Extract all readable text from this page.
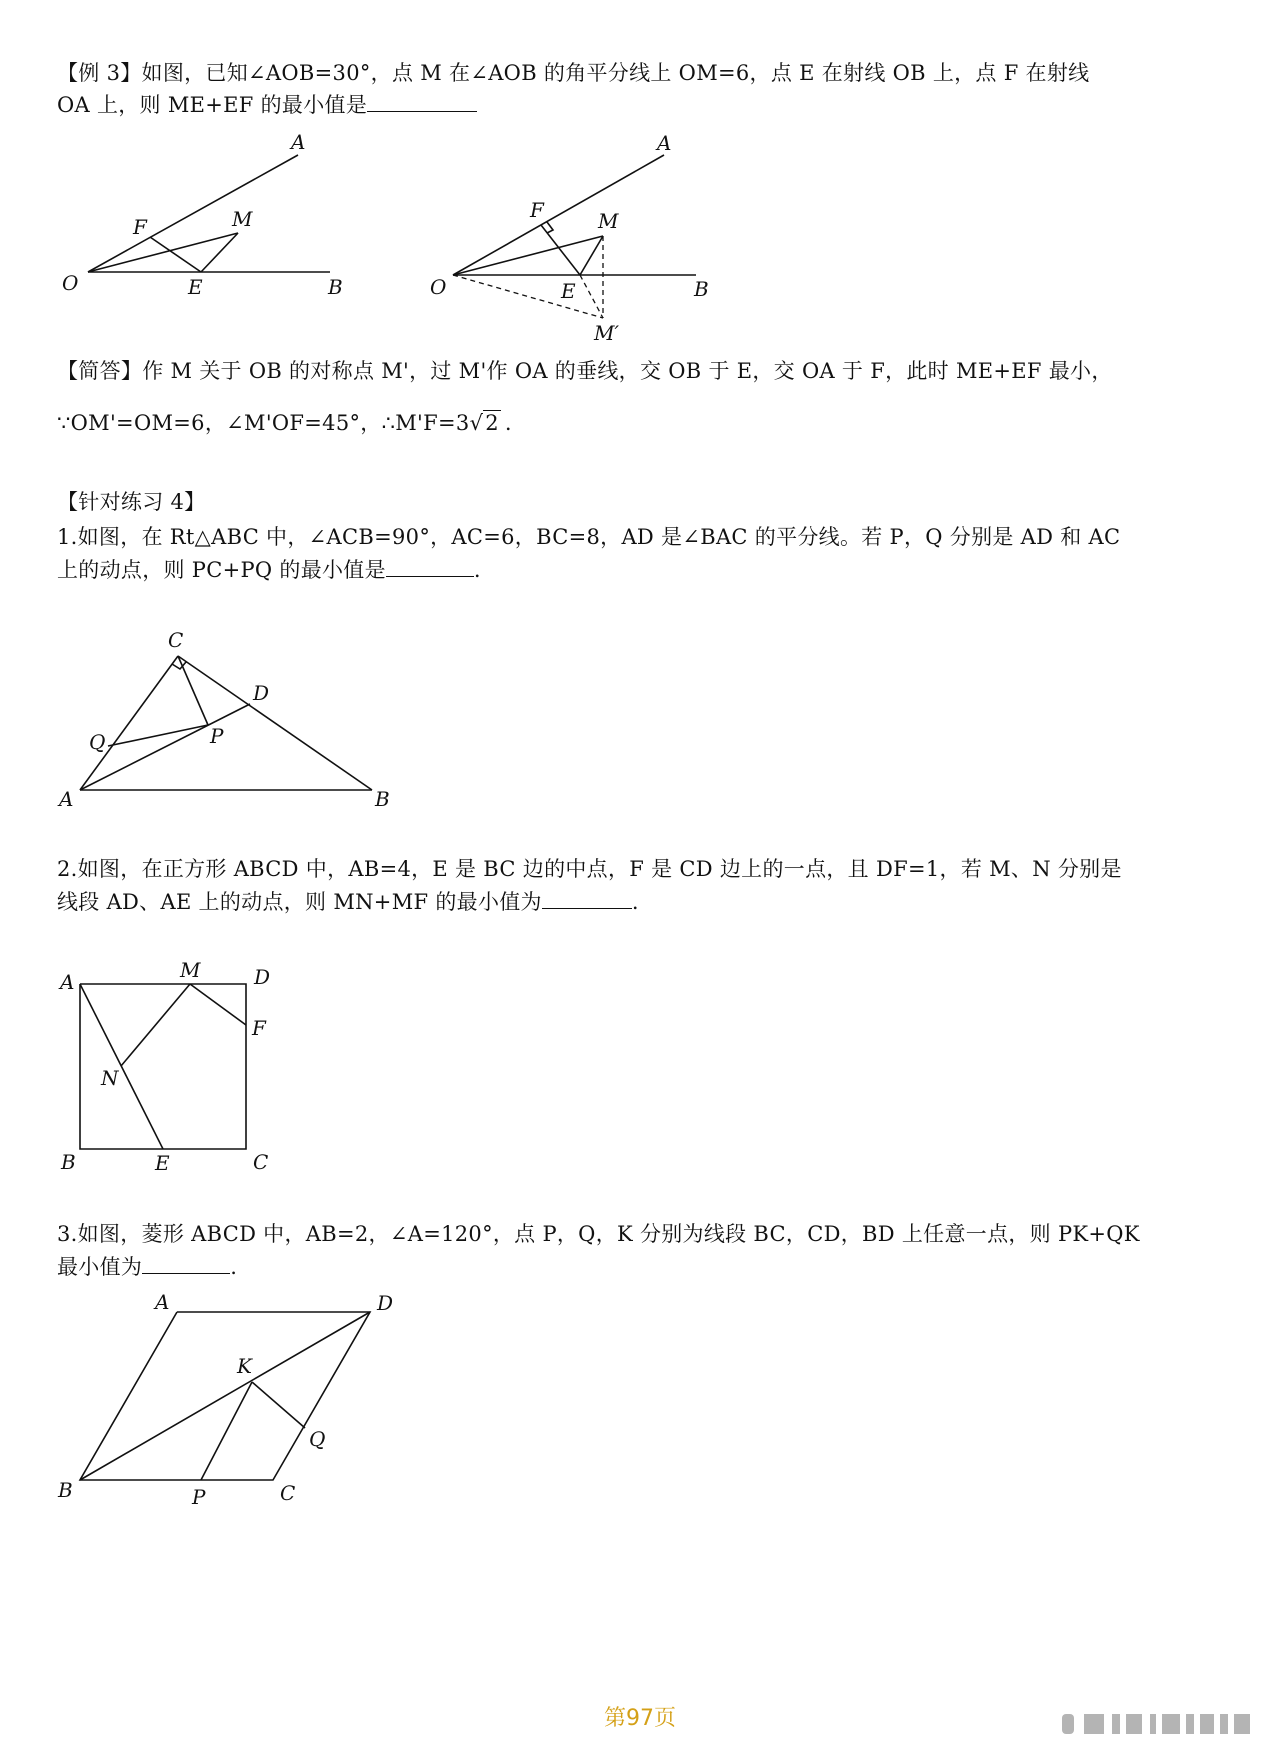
【例 3】如图，已知∠AOB=30°，点 M 在∠AOB 的角平分线上 OM=6，点 E 在射线 OB 上，点 F 在射线
OA 上，则 ME+EF 的最小值是
A
F	M
O	E	B
A
F	M
O	E	B
M′
【简答】作 M 关于 OB 的对称点 M'，过 M'作 OA 的垂线，交 OB 于 E，交 OA 于 F，此时 ME+EF 最小，
∵OM'=OM=6，∠M'OF=45°，∴M'F=3√2 .
【针对练习 4】
1.如图，在 Rt△ABC 中，∠ACB=90°，AC=6，BC=8，AD 是∠BAC 的平分线。若 P，Q 分别是 AD 和 AC
上的动点，则 PC+PQ 的最小值是	.
C
D
Q	P
A	B
2.如图，在正方形 ABCD 中，AB=4，E 是 BC 边的中点，F 是 CD 边上的一点，且 DF=1，若 M、N 分别是
线段 AD、AE 上的动点，则 MN+MF 的最小值为	.
A	M	D
F
N
B	E	C
3.如图，菱形 ABCD 中，AB=2，∠A=120°，点 P，Q，K 分别为线段 BC，CD，BD 上任意一点，则 PK+QK
最小值为	.
A	D
K
Q
B	P	C
第97页
